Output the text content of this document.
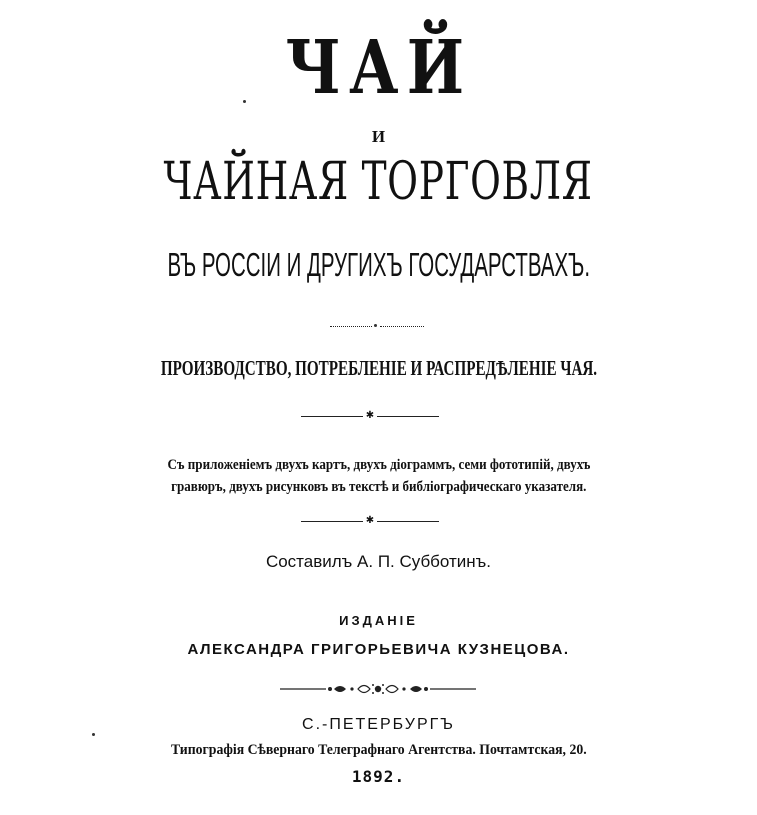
ЧАЙ
И
ЧАЙНАЯ ТОРГОВЛЯ
ВЪ РОССІИ И ДРУГИХЪ ГОСУДАРСТВАХЪ.
ПРОИЗВОДСТВО, ПОТРЕБЛЕНІЕ И РАСПРЕДѢЛЕНІЕ ЧАЯ.
✱
Съ приложеніемъ двухъ картъ, двухъ діограммъ, семи фототипій, двухъ
гравюръ, двухъ рисунковъ въ текстѣ и библіографическаго указателя.
✱
Составилъ А. П. Субботинъ.
ИЗДАНІЕ
АЛЕКСАНДРА ГРИГОРЬЕВИЧА КУЗНЕЦОВА.
С.-ПЕТЕРБУРГЪ
Типографія Сѣвернаго Телеграфнаго Агентства. Почтамтская, 20.
1892.
